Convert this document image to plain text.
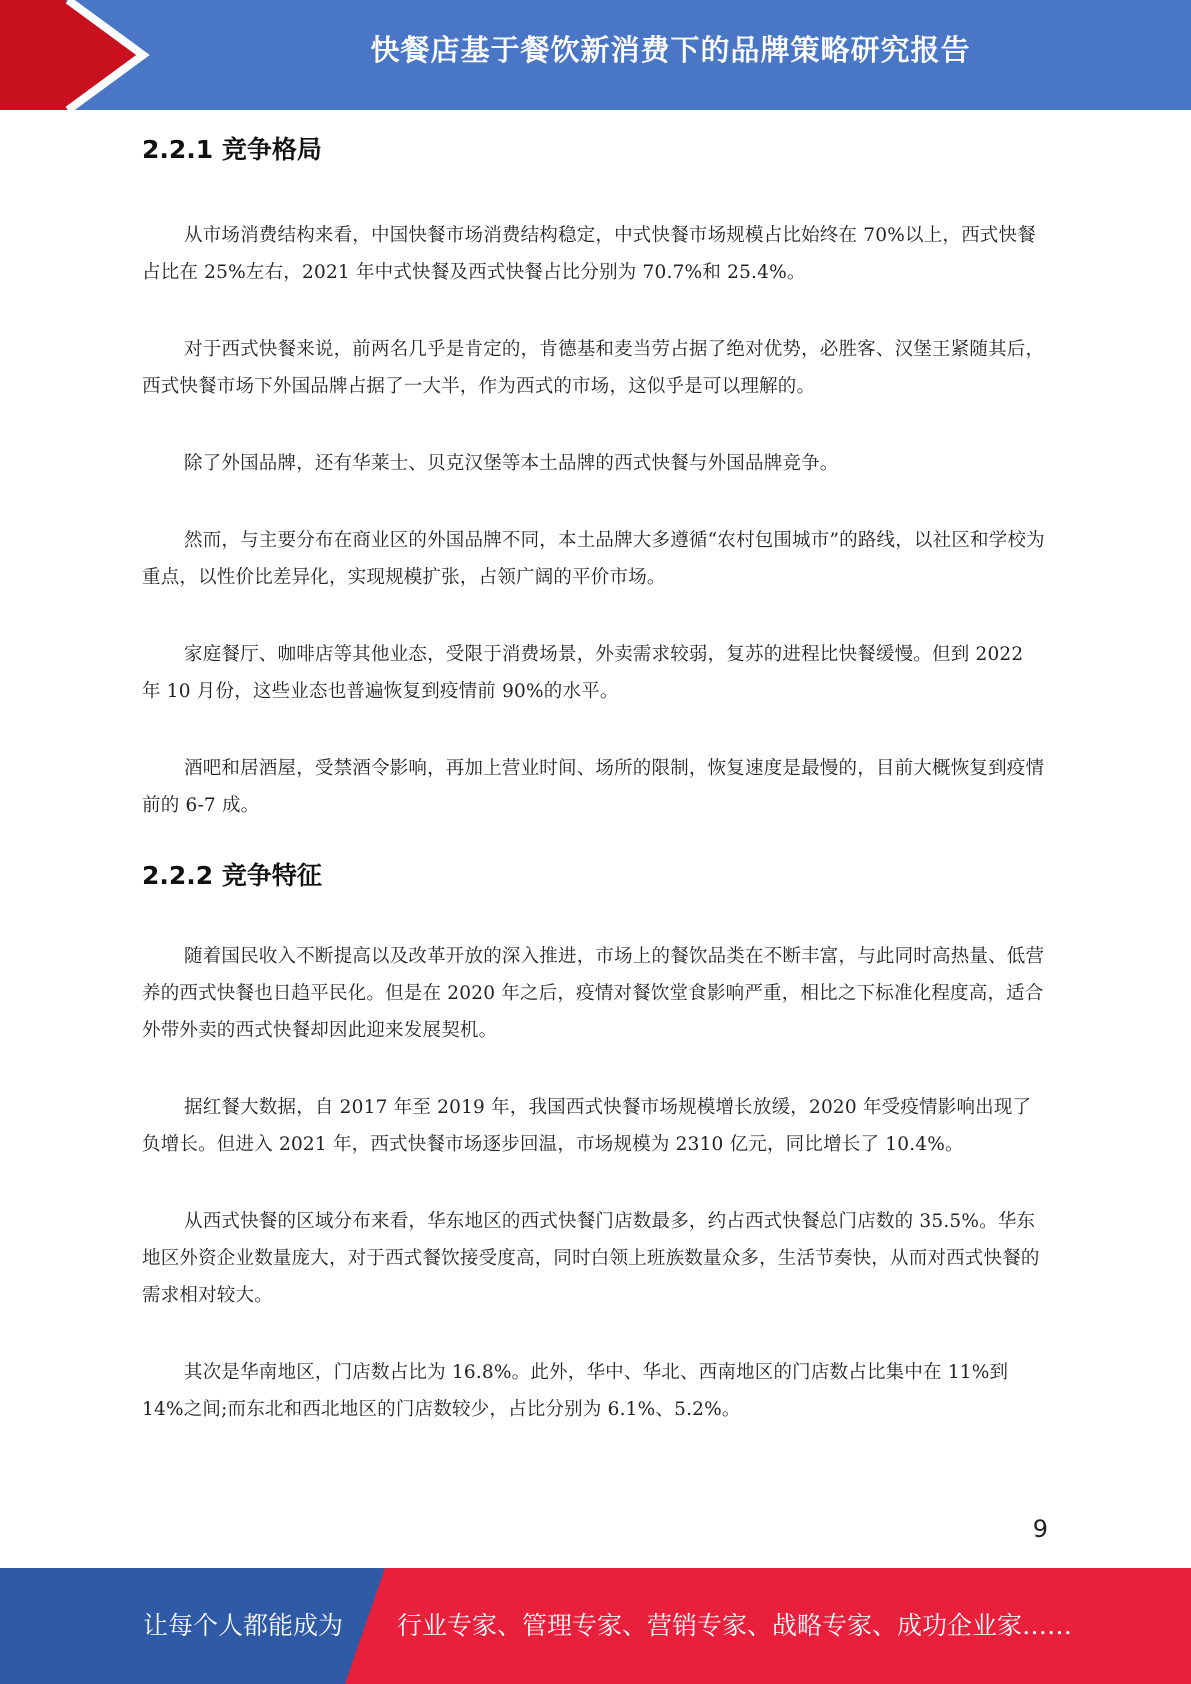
快餐店基于餐饮新消费下的品牌策略研究报告
2.2.1 竞争格局

从市场消费结构来看，中国快餐市场消费结构稳定，中式快餐市场规模占比始终在 70%以上，西式快餐占比在 25%左右，2021 年中式快餐及西式快餐占比分别为 70.7%和 25.4%。

对于西式快餐来说，前两名几乎是肯定的，肯德基和麦当劳占据了绝对优势，必胜客、汉堡王紧随其后，西式快餐市场下外国品牌占据了一大半，作为西式的市场，这似乎是可以理解的。

除了外国品牌，还有华莱士、贝克汉堡等本土品牌的西式快餐与外国品牌竞争。

然而，与主要分布在商业区的外国品牌不同，本土品牌大多遵循“农村包围城市”的路线，以社区和学校为重点，以性价比差异化，实现规模扩张，占领广阔的平价市场。

家庭餐厅、咖啡店等其他业态，受限于消费场景，外卖需求较弱，复苏的进程比快餐缓慢。但到 2022 年 10 月份，这些业态也普遍恢复到疫情前 90%的水平。

酒吧和居酒屋，受禁酒令影响，再加上营业时间、场所的限制，恢复速度是最慢的，目前大概恢复到疫情前的 6-7 成。

2.2.2 竞争特征

随着国民收入不断提高以及改革开放的深入推进，市场上的餐饮品类在不断丰富，与此同时高热量、低营养的西式快餐也日趋平民化。但是在 2020 年之后，疫情对餐饮堂食影响严重，相比之下标准化程度高，适合外带外卖的西式快餐却因此迎来发展契机。

据红餐大数据，自 2017 年至 2019 年，我国西式快餐市场规模增长放缓，2020 年受疫情影响出现了负增长。但进入 2021 年，西式快餐市场逐步回温，市场规模为 2310 亿元，同比增长了 10.4%。

从西式快餐的区域分布来看，华东地区的西式快餐门店数最多，约占西式快餐总门店数的 35.5%。华东地区外资企业数量庞大，对于西式餐饮接受度高，同时白领上班族数量众多，生活节奏快，从而对西式快餐的需求相对较大。

其次是华南地区，门店数占比为 16.8%。此外，华中、华北、西南地区的门店数占比集中在 11%到 14%之间;而东北和西北地区的门店数较少，占比分别为 6.1%、5.2%。

9
让每个人都能成为 行业专家、管理专家、营销专家、战略专家、成功企业家……
